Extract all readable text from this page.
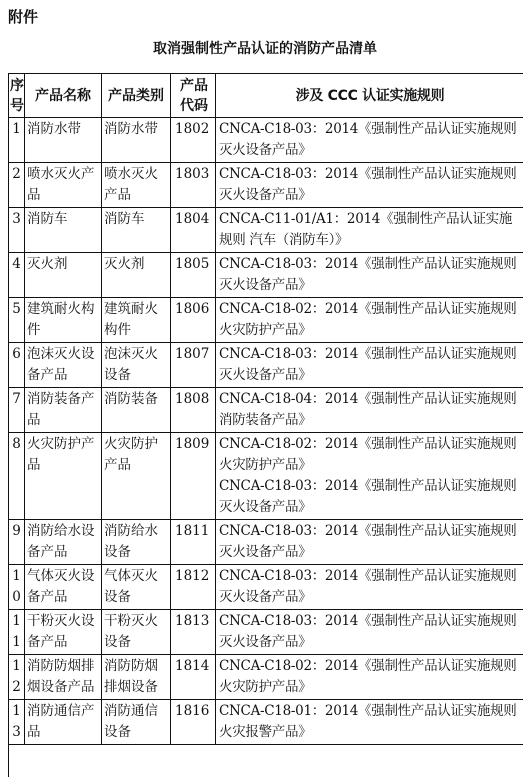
附件
取消强制性产品认证的消防产品清单
序号	产品名称	产品类别	产品代码	涉及 CCC 认证实施规则
1	消防水带	消防水带	1802	CNCA-C18-03：2014《强制性产品认证实施规则 灭火设备产品》

2	喷水灭火产品	喷水灭火产品	1803	CNCA-C18-03：2014《强制性产品认证实施规则 灭火设备产品》

3	消防车	消防车	1804	CNCA-C11-01/A1：2014《强制性产品认证实施规则 汽车（消防车）》

4	灭火剂	灭火剂	1805	CNCA-C18-03：2014《强制性产品认证实施规则 灭火设备产品》

5	建筑耐火构件	建筑耐火构件	1806	CNCA-C18-02：2014《强制性产品认证实施规则 火灾防护产品》

6	泡沫灭火设备产品	泡沫灭火设备	1807	CNCA-C18-03：2014《强制性产品认证实施规则 灭火设备产品》

7	消防装备产品	消防装备	1808	CNCA-C18-04：2014《强制性产品认证实施规则 消防装备产品》

8	火灾防护产品	火灾防护产品	1809	CNCA-C18-02：2014《强制性产品认证实施规则 火灾防护产品》
CNCA-C18-03：2014《强制性产品认证实施规则 灭火设备产品》

9	消防给水设备产品	消防给水设备	1811	CNCA-C18-03：2014《强制性产品认证实施规则 灭火设备产品》

10	气体灭火设备产品	气体灭火设备	1812	CNCA-C18-03：2014《强制性产品认证实施规则 灭火设备产品》

11	干粉灭火设备产品	干粉灭火设备	1813	CNCA-C18-03：2014《强制性产品认证实施规则 灭火设备产品》

12	消防防烟排烟设备产品	消防防烟排烟设备	1814	CNCA-C18-02：2014《强制性产品认证实施规则 火灾防护产品》

13	消防通信产品	消防通信设备	1816	CNCA-C18-01：2014《强制性产品认证实施规则 火灾报警产品》
